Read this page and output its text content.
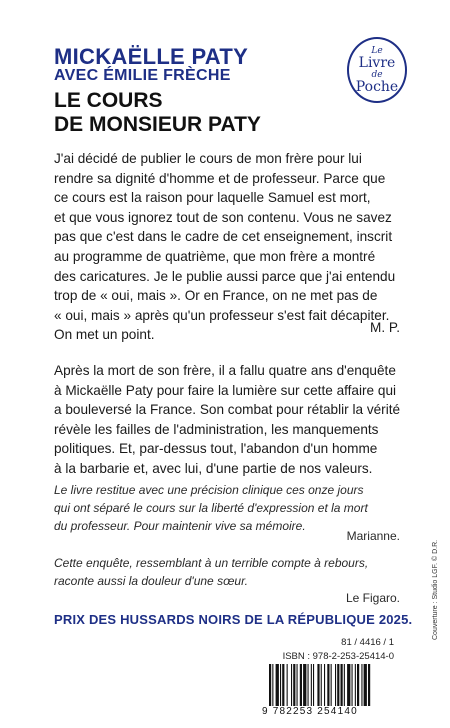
MICKAËLLE PATY
AVEC ÉMILIE FRÈCHE
LE COURS
DE MONSIEUR PATY
Le
Livre
de
Poche

J'ai décidé de publier le cours de mon frère pour lui

rendre sa dignité d'homme et de professeur. Parce que

ce cours est la raison pour laquelle Samuel est mort,

et que vous ignorez tout de son contenu. Vous ne savez

pas que c'est dans le cadre de cet enseignement, inscrit

au programme de quatrième, que mon frère a montré

des caricatures. Je le publie aussi parce que j'ai entendu

trop de « oui, mais ». Or en France, on ne met pas de

« oui, mais » après qu'un professeur s'est fait décapiter.

On met un point.	M. P.

Après la mort de son frère, il a fallu quatre ans d'enquête

à Mickaëlle Paty pour faire la lumière sur cette affaire qui

a bouleversé la France. Son combat pour rétablir la vérité

révèle les failles de l'administration, les manquements

politiques. Et, par-dessus tout, l'abandon d'un homme

à la barbarie et, avec lui, d'une partie de nos valeurs.

Le livre restitue avec une précision clinique ces onze jours

qui ont séparé le cours sur la liberté d'expression et la mort

du professeur. Pour maintenir vive sa mémoire.

Marianne.

Cette enquête, ressemblant à un terrible compte à rebours,

raconte aussi la douleur d'une sœur.

Le Figaro.
PRIX DES HUSSARDS NOIRS DE LA RÉPUBLIQUE 2025.
81 / 4416 / 1
ISBN : 978-2-253-25414-0
9 782253 254140
Couverture : Studio LGF. © D.R.
